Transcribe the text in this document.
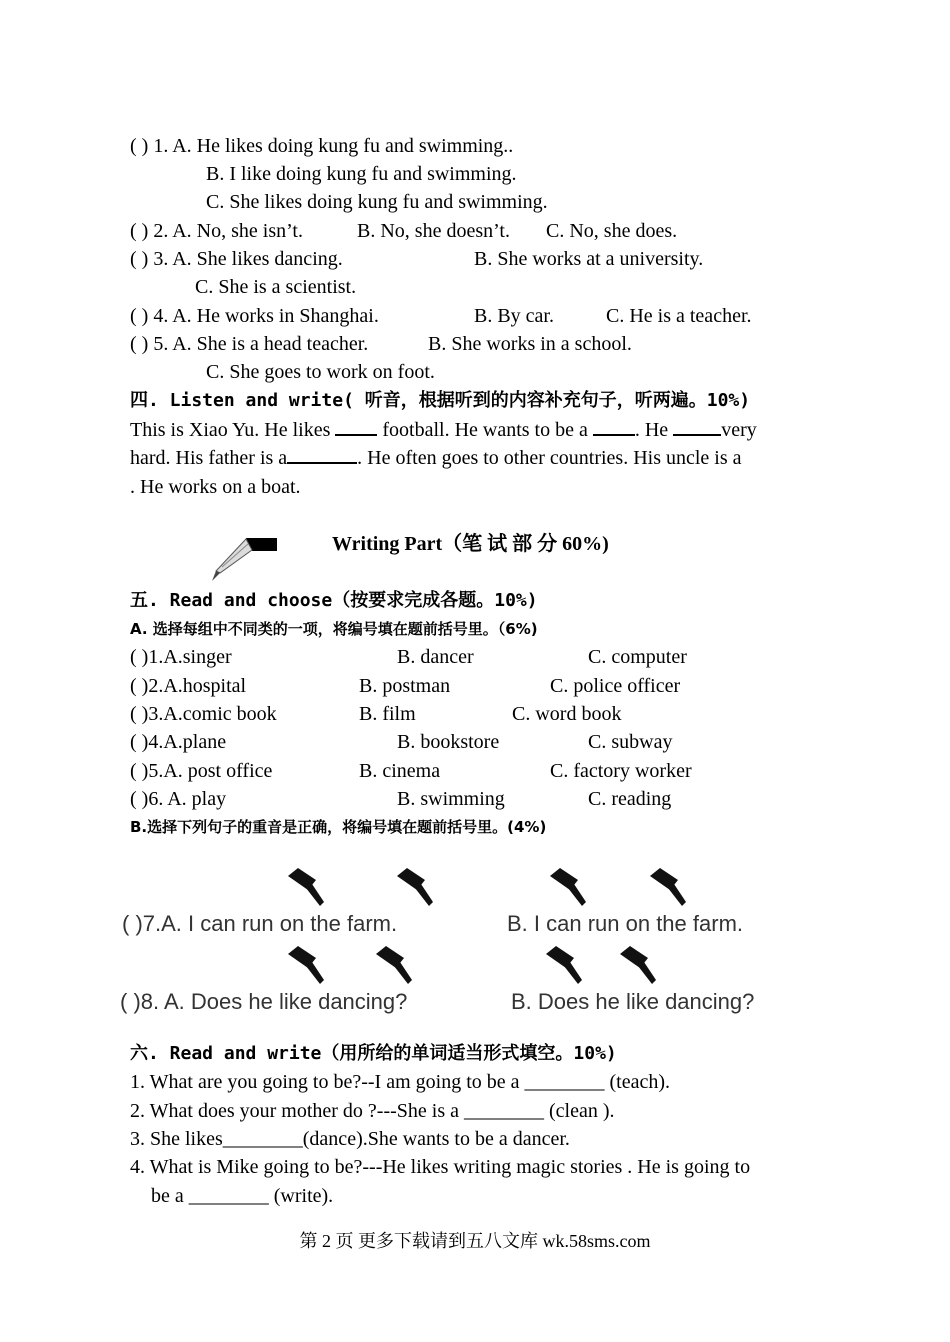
( ) 1. A. He likes doing kung fu and swimming..
B. I like doing kung fu and swimming.
C. She likes doing kung fu and swimming.
( ) 2. A. No, she isn’t.	B. No, she doesn’t. C. No, she does.
( ) 3. A. She likes dancing.	B. She works at a university.
C. She is a scientist.
( ) 4. A. He works in Shanghai.	B. By car.	C. He is a teacher.
( ) 5. A. She is a head teacher.	B. She works in a school.
C. She goes to work on foot.
四. Listen and write( 听音，根据听到的内容补充句子，听两遍。10%)
This is Xiao Yu. He likes	football. He wants to be a . He	very
hard. His father is a	. He often goes to other countries. His uncle is a
. He works on a boat.
Writing Part（笔 试 部 分 60%)
五. Read and choose（按要求完成各题。10%)
A. 选择每组中不同类的一项，将编号填在题前括号里。（6%)
( )1.A.singer	B. dancer	C. computer
( )2.A.hospital	B. postman	C. police officer
( )3.A.comic book	B. film	C. word book
( )4.A.plane	B. bookstore	C. subway
( )5.A. post office	B. cinema	C. factory worker
( )6. A. play	B. swimming	C. reading
B.选择下列句子的重音是正确，将编号填在题前括号里。(4%)
( )7.A. I can run on the farm.	B. I can run on the farm.
( )8. A. Does he like dancing?	B. Does he like dancing?
六. Read and write（用所给的单词适当形式填空。10%)
1. What are you going to be?--I am going to be a ________ (teach).
2. What does your mother do ?---She is a ________ (clean ).
3. She likes________(dance).She wants to be a dancer.
4. What is Mike going to be?---He likes writing magic stories . He is going to
be a ________ (write).
第 2 页 更多下载请到五八文库 wk.58sms.com
